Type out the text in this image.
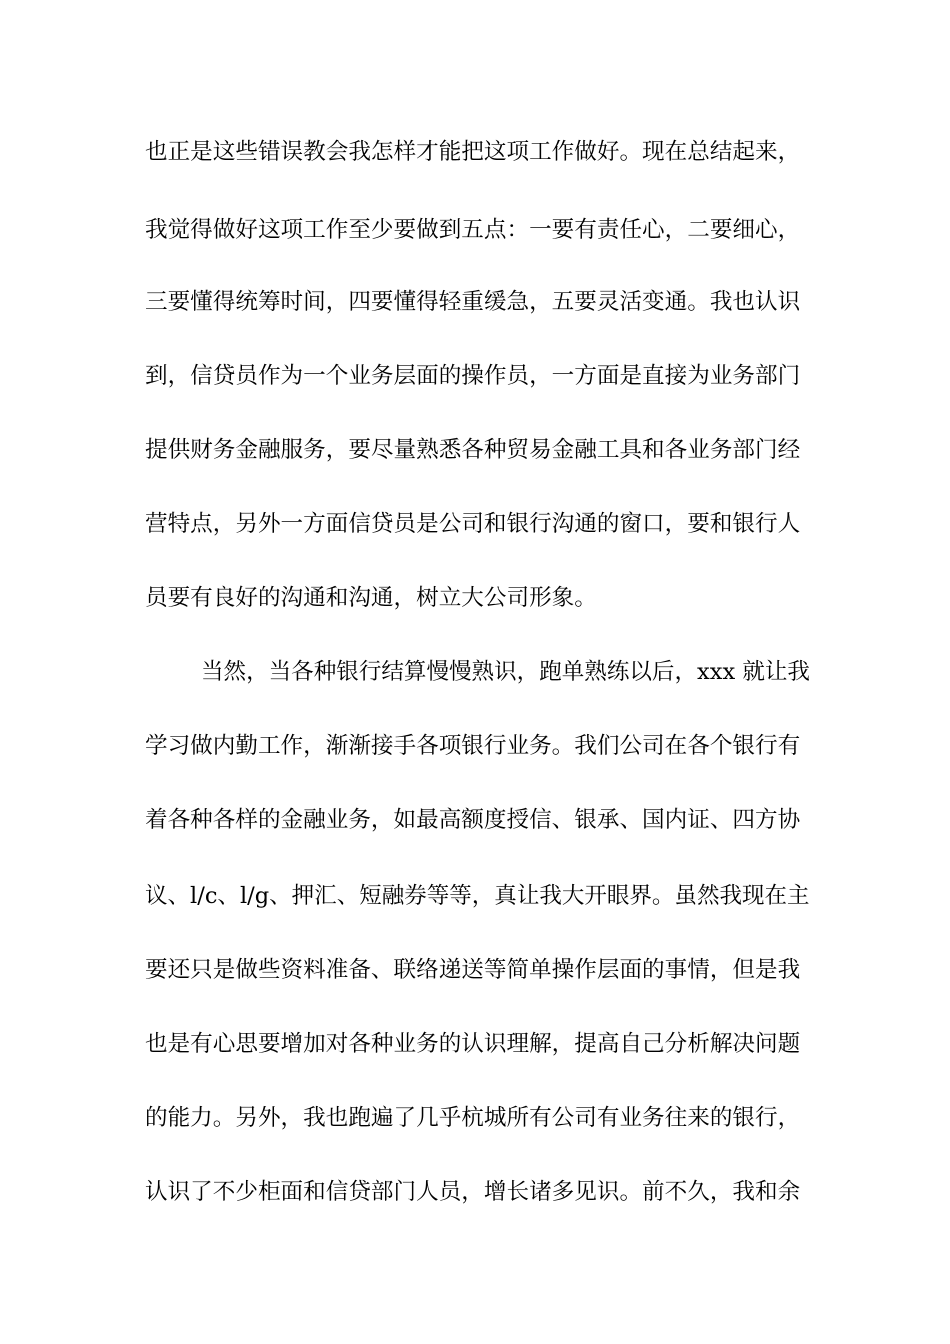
也正是这些错误教会我怎样才能把这项工作做好。现在总结起来，
我觉得做好这项工作至少要做到五点：一要有责任心，二要细心，
三要懂得统筹时间，四要懂得轻重缓急，五要灵活变通。我也认识
到，信贷员作为一个业务层面的操作员，一方面是直接为业务部门
提供财务金融服务，要尽量熟悉各种贸易金融工具和各业务部门经
营特点，另外一方面信贷员是公司和银行沟通的窗口，要和银行人
员要有良好的沟通和沟通，树立大公司形象。
当然，当各种银行结算慢慢熟识，跑单熟练以后，xxx 就让我
学习做内勤工作，渐渐接手各项银行业务。我们公司在各个银行有
着各种各样的金融业务，如最高额度授信、银承、国内证、四方协
议、l/c、l/g、押汇、短融券等等，真让我大开眼界。虽然我现在主
要还只是做些资料准备、联络递送等简单操作层面的事情，但是我
也是有心思要增加对各种业务的认识理解，提高自己分析解决问题
的能力。另外，我也跑遍了几乎杭城所有公司有业务往来的银行，
认识了不少柜面和信贷部门人员，增长诸多见识。前不久，我和余
